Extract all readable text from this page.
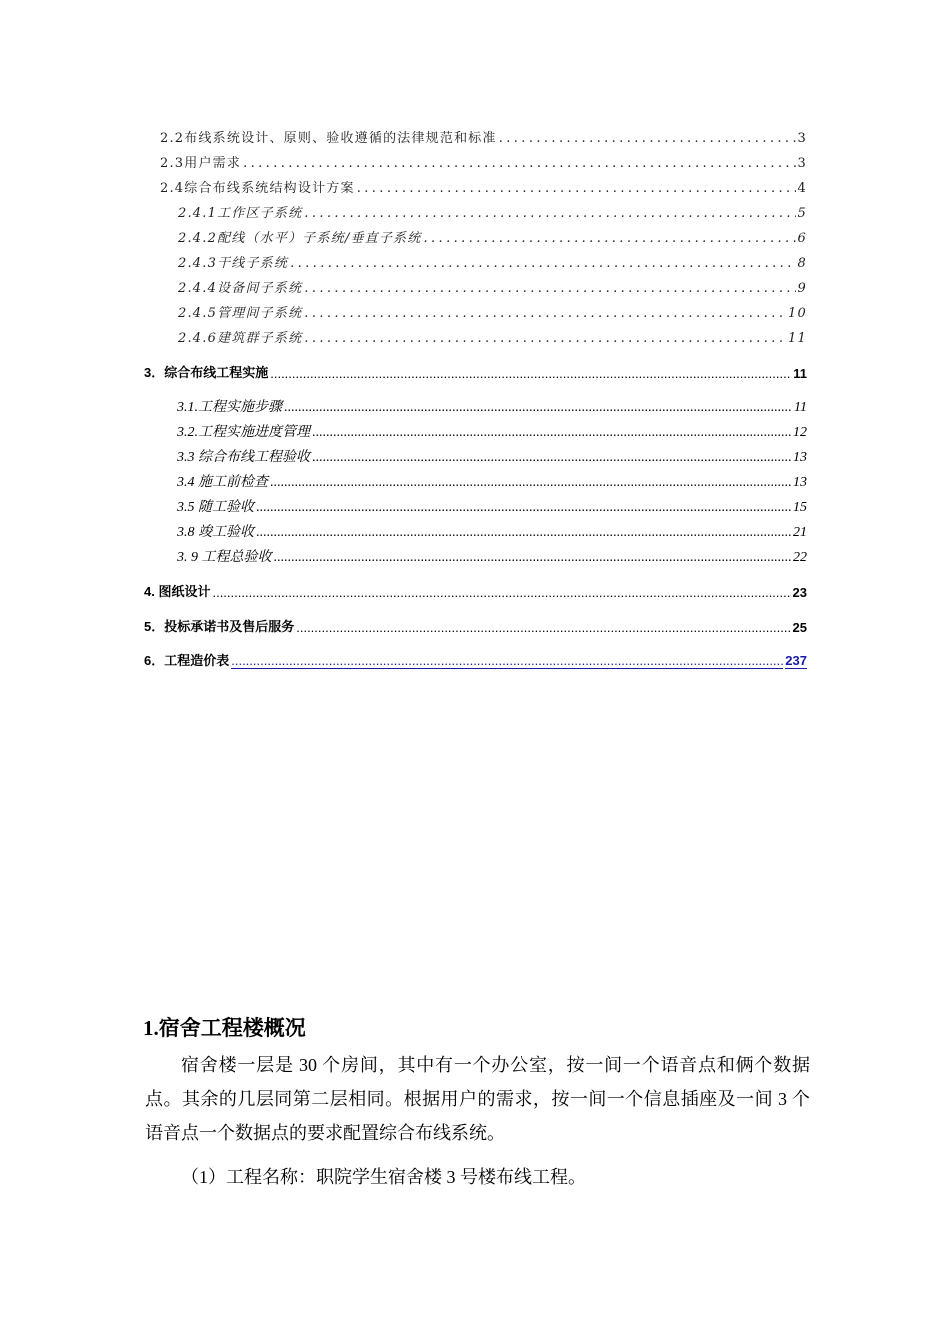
2.2布线系统设计、原则、验收遵循的法律规范和标准 .....	3
2.3用户需求 .....	3
2.4综合布线系统结构设计方案 .....	4
2.4.1工作区子系统 .....	5
2.4.2配线（水平）子系统/垂直子系统 .....	6
2.4.3干线子系统 .....	8
2.4.4设备间子系统 .....	9
2.4.5管理间子系统 .....	10
2.4.6建筑群子系统 .....	11
3．综合布线工程实施 .....	11
3.1.工程实施步骤 .....	11
3.2.工程实施进度管理 .....	12
3.3 综合布线工程验收 .....	13
3.4 施工前检查 .....	13
3.5 随工验收 .....	15
3.8 竣工验收 .....	21
3. 9 工程总验收 .....	22
4. 图纸设计 .....	23
5．投标承诺书及售后服务 .....	25
6．工程造价表 .....	237
1.宿舍工程楼概况

宿舍楼一层是 30 个房间，其中有一个办公室，按一间一个语音点和俩个数据点。其余的几层同第二层相同。根据用户的需求，按一间一个信息插座及一间 3 个语音点一个数据点的要求配置综合布线系统。

（1）工程名称：职院学生宿舍楼 3 号楼布线工程。
